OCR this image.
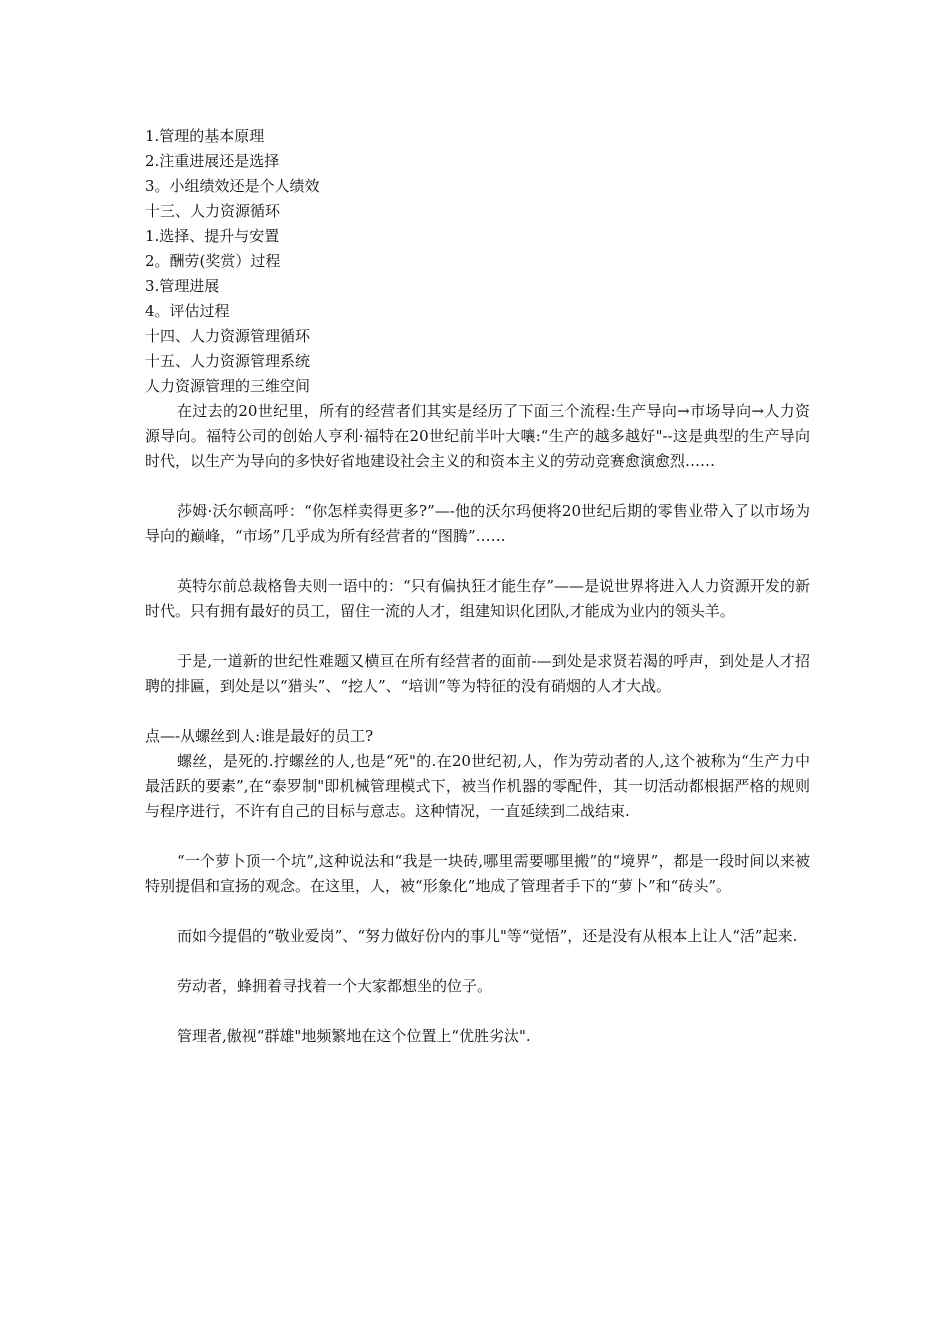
1.管理的基本原理
2.注重进展还是选择
3。小组绩效还是个人绩效
十三、人力资源循环
1.选择、提升与安置
2。酬劳(奖赏）过程
3.管理进展
4。评估过程
十四、人力资源管理循环
十五、人力资源管理系统
人力资源管理的三维空间

在过去的20世纪里，所有的经营者们其实是经历了下面三个流程:生产导向→市场导向→人力资源导向。福特公司的创始人亨利·福特在20世纪前半叶大嚷:“生产的越多越好"--这是典型的生产导向时代，以生产为导向的多快好省地建设社会主义的和资本主义的劳动竞赛愈演愈烈……

莎姆·沃尔顿高呼：“你怎样卖得更多?”—-他的沃尔玛便将20世纪后期的零售业带入了以市场为导向的巅峰，“市场”几乎成为所有经营者的“图腾”……

英特尔前总裁格鲁夫则一语中的：“只有偏执狂才能生存”——是说世界将进入人力资源开发的新时代。只有拥有最好的员工，留住一流的人才，组建知识化团队,才能成为业内的领头羊。

于是,一道新的世纪性难题又横亘在所有经营者的面前-—到处是求贤若渴的呼声，到处是人才招聘的排匾，到处是以“猎头”、“挖人”、“培训”等为特征的没有硝烟的人才大战。

点—-从螺丝到人:谁是最好的员工?

螺丝，是死的.拧螺丝的人,也是“死"的.在20世纪初,人，作为劳动者的人,这个被称为“生产力中最活跃的要素”,在“泰罗制"即机械管理模式下，被当作机器的零配件，其一切活动都根据严格的规则与程序进行，不许有自己的目标与意志。这种情况，一直延续到二战结束.

“一个萝卜顶一个坑”,这种说法和“我是一块砖,哪里需要哪里搬”的“境界”，都是一段时间以来被特别提倡和宣扬的观念。在这里，人，被“形象化”地成了管理者手下的“萝卜”和“砖头”。

而如今提倡的“敬业爱岗”、“努力做好份内的事儿"等“觉悟”，还是没有从根本上让人“活”起来.

劳动者，蜂拥着寻找着一个大家都想坐的位子。

管理者,傲视“群雄"地频繁地在这个位置上“优胜劣汰".
